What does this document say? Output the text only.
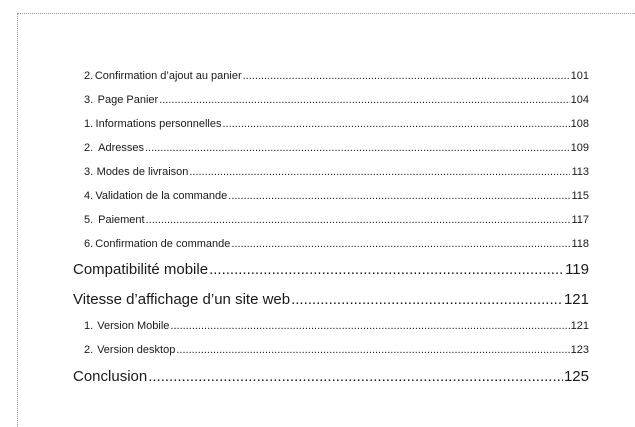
2. Confirmation d’ajout au panier .....	101
3. Page Panier .....	104
1. Informations personnelles .....	108
2. Adresses .....	109
3. Modes de livraison .....	113
4. Validation de la commande .....	115
5. Paiement .....	117
6. Confirmation de commande .....	118
Compatibilité mobile .....	119
Vitesse d’affichage d’un site web .....	121
1. Version Mobile .....	121
2. Version desktop .....	123
Conclusion .....	125
